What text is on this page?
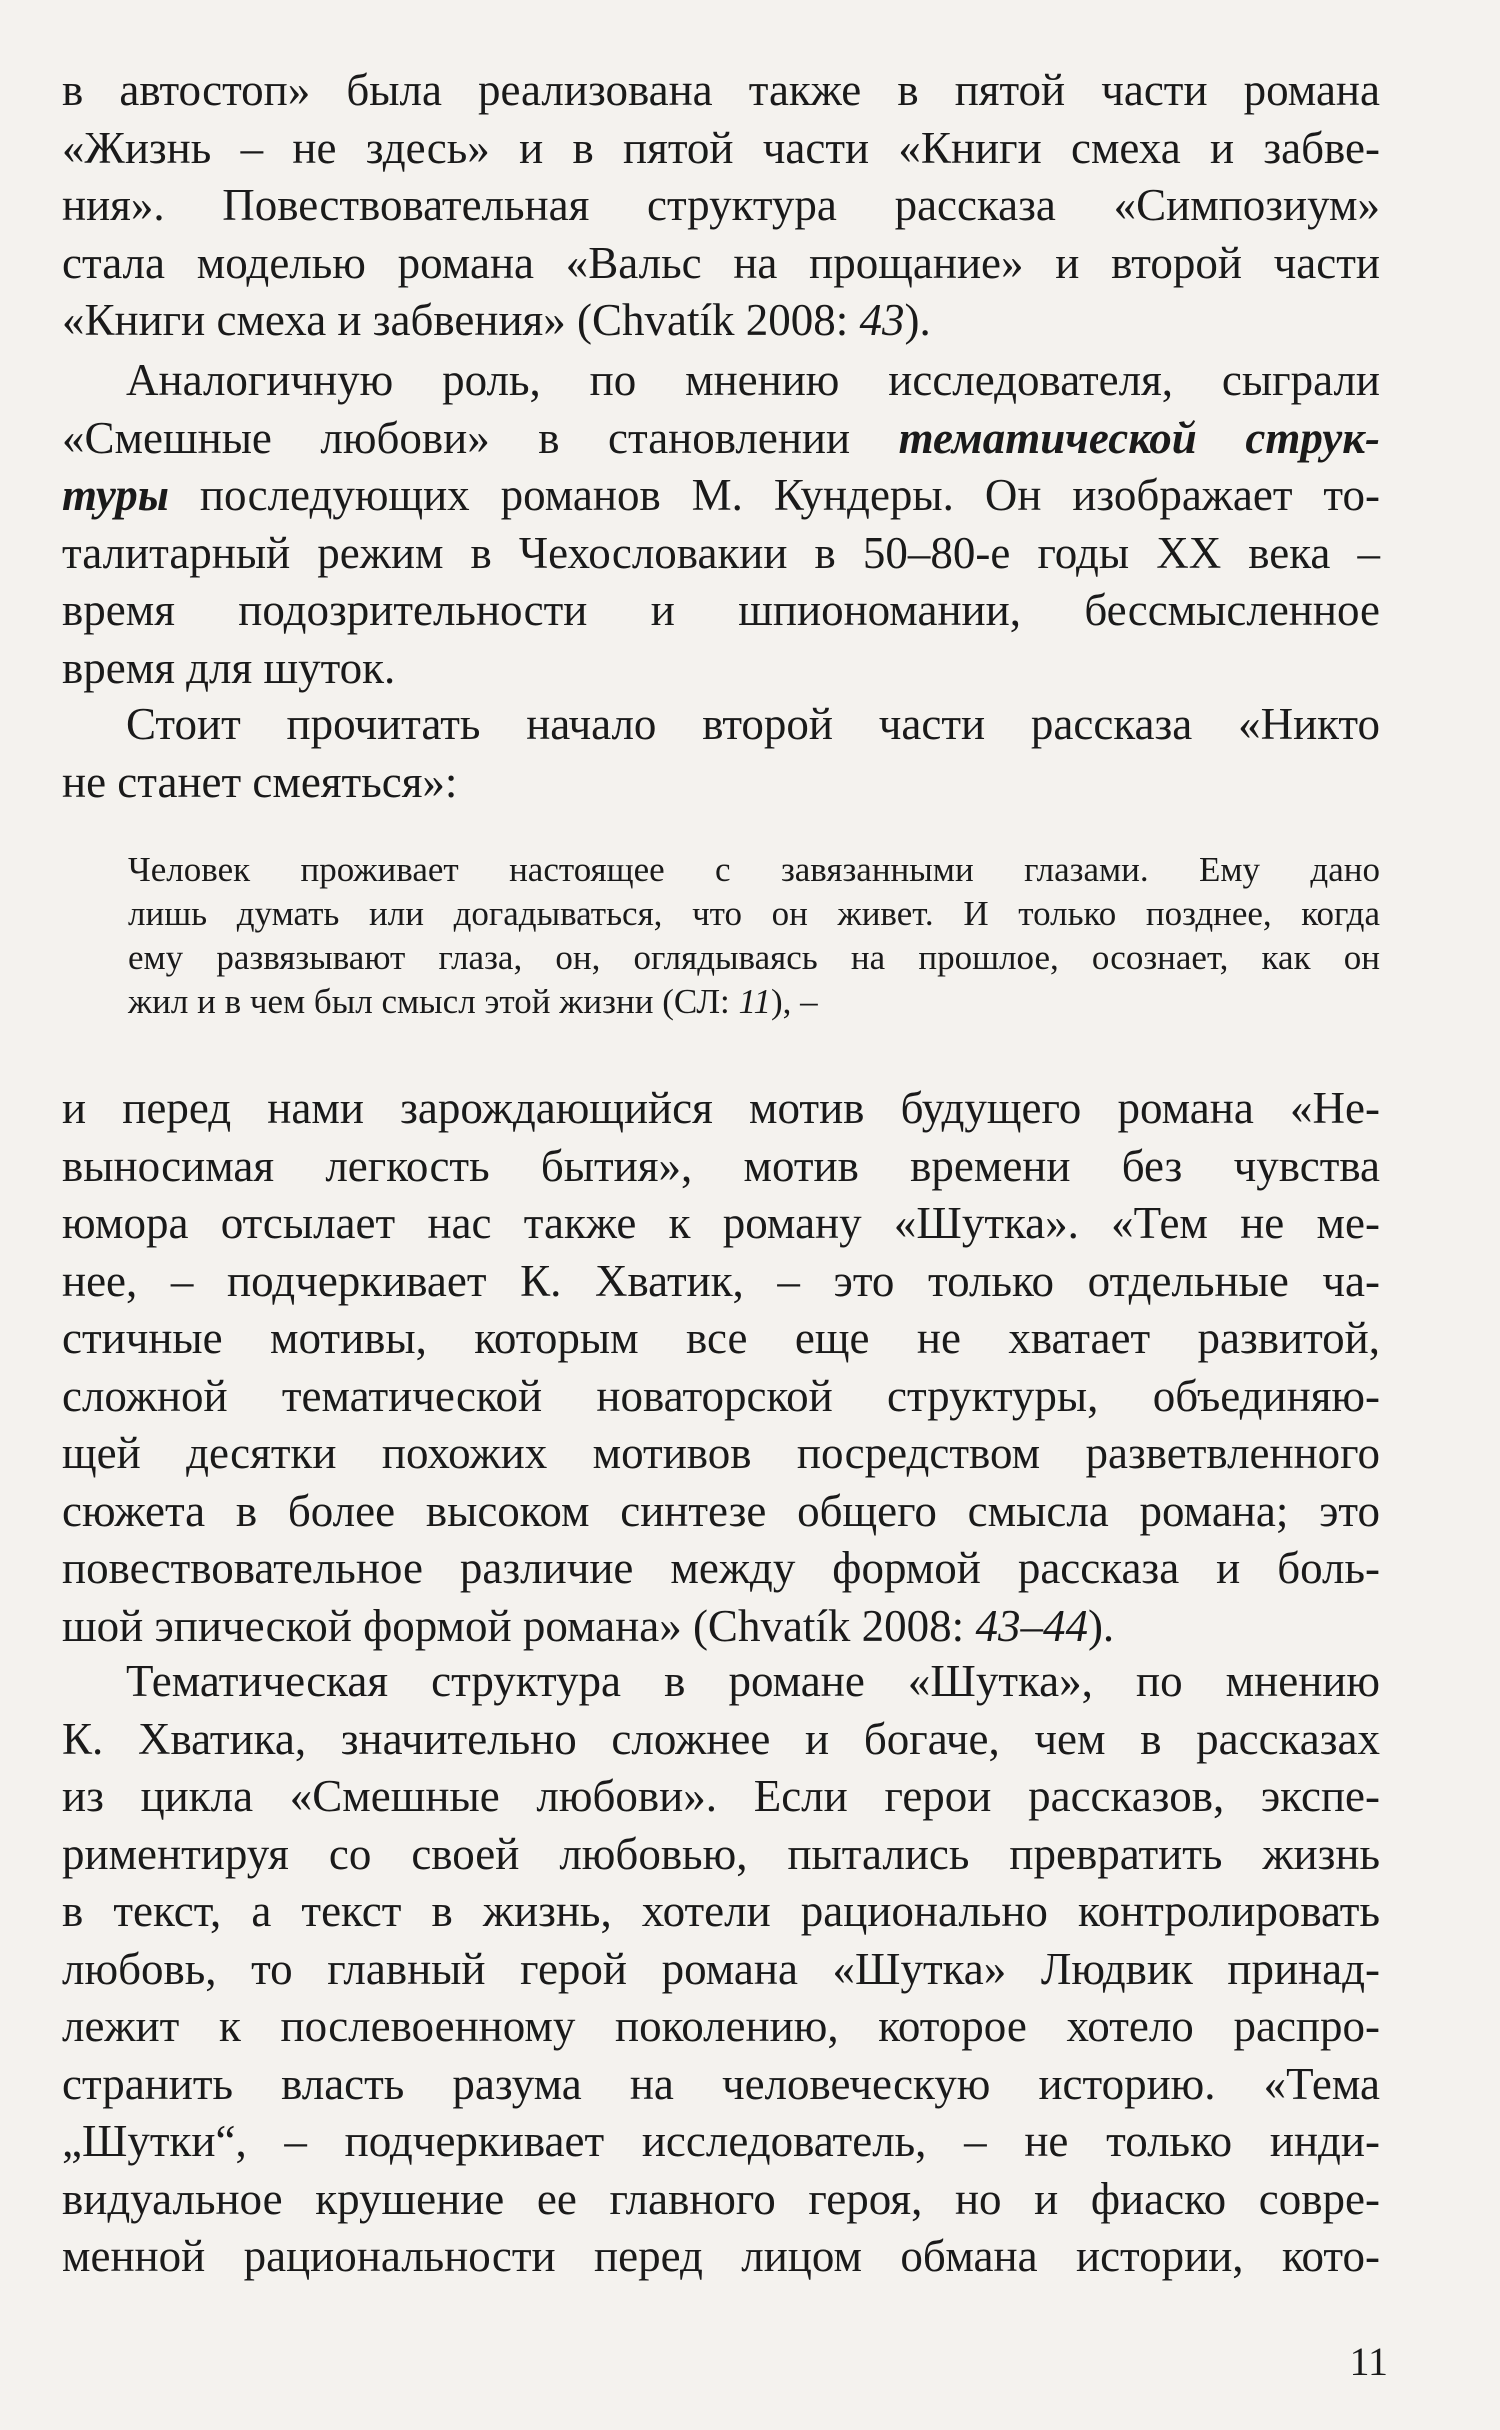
в автостоп» была реализована также в пятой части романа
«Жизнь – не здесь» и в пятой части «Книги смеха и забве-
ния». Повествовательная структура рассказа «Симпозиум»
стала моделью романа «Вальс на прощание» и второй части
«Книги смеха и забвения» (Chvatík 2008: 43).
Аналогичную роль, по мнению исследователя, сыграли
«Смешные любови» в становлении тематической струк-
туры последующих романов М. Кундеры. Он изображает то-
талитарный режим в Чехословакии в 50–80-е годы XX века –
время подозрительности и шпиономании, бессмысленное
время для шуток.
Стоит прочитать начало второй части рассказа «Никто
не станет смеяться»:
Человек проживает настоящее с завязанными глазами. Ему дано
лишь думать или догадываться, что он живет. И только позднее, когда
ему развязывают глаза, он, оглядываясь на прошлое, осознает, как он
жил и в чем был смысл этой жизни (СЛ: 11), –
и перед нами зарождающийся мотив будущего романа «Не-
выносимая легкость бытия», мотив времени без чувства
юмора отсылает нас также к роману «Шутка». «Тем не ме-
нее, – подчеркивает К. Хватик, – это только отдельные ча-
стичные мотивы, которым все еще не хватает развитой,
сложной тематической новаторской структуры, объединяю-
щей десятки похожих мотивов посредством разветвленного
сюжета в более высоком синтезе общего смысла романа; это
повествовательное различие между формой рассказа и боль-
шой эпической формой романа» (Chvatík 2008: 43–44).
Тематическая структура в романе «Шутка», по мнению
К. Хватика, значительно сложнее и богаче, чем в рассказах
из цикла «Смешные любови». Если герои рассказов, экспе-
риментируя со своей любовью, пытались превратить жизнь
в текст, а текст в жизнь, хотели рационально контролировать
любовь, то главный герой романа «Шутка» Людвик принад-
лежит к послевоенному поколению, которое хотело распро-
странить власть разума на человеческую историю. «Тема
„Шутки“, – подчеркивает исследователь, – не только инди-
видуальное крушение ее главного героя, но и фиаско совре-
менной рациональности перед лицом обмана истории, кото-
11
